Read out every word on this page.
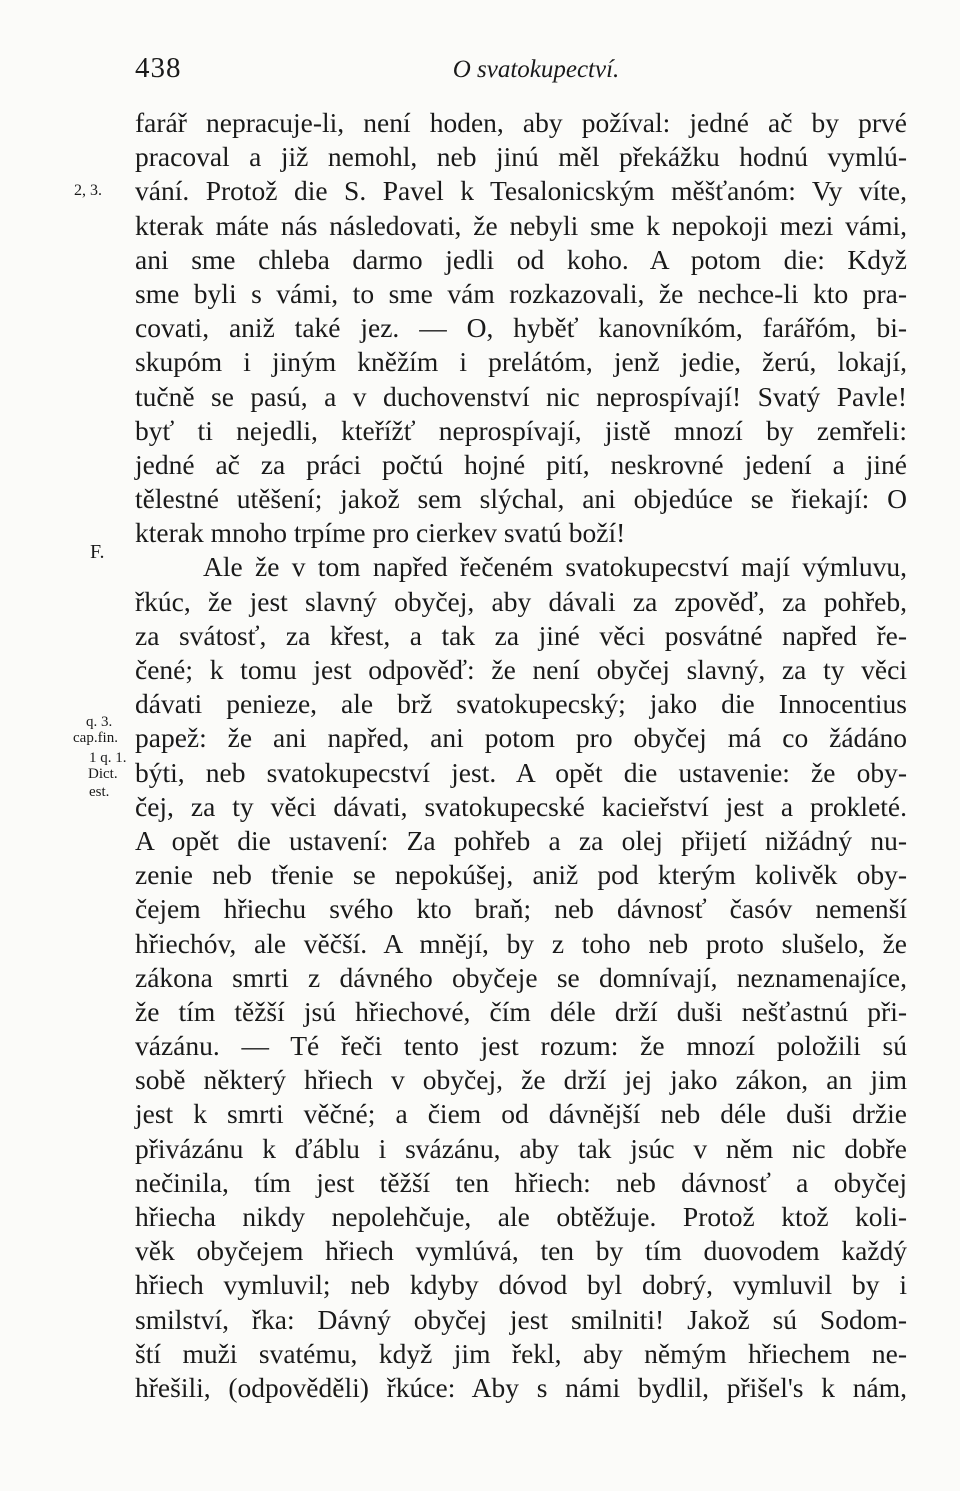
438	O svatokupectví.
2, 3.
F.
q. 3.
cap.fin.
1 q. 1.
Dict.
est.
farář nepracuje-li, není hoden, aby požíval: jedné ač by prvé
pracoval a již nemohl, neb jinú měl překážku hodnú vymlú-
vání. Protož die S. Pavel k Tesalonicským měšťanóm: Vy víte,
kterak máte nás následovati, že nebyli sme k nepokoji mezi vámi,
ani sme chleba darmo jedli od koho. A potom die: Když
sme byli s vámi, to sme vám rozkazovali, že nechce-li kto pra-
covati, aniž také jez. — O, hyběť kanovníkóm, farářóm, bi-
skupóm i jiným kněžím i prelátóm, jenž jedie, žerú, lokají,
tučně se pasú, a v duchovenství nic neprospívají! Svatý Pavle!
byť ti nejedli, kteřížť neprospívají, jistě mnozí by zemřeli:
jedné ač za práci počtú hojné pití, neskrovné jedení a jiné
tělestné utěšení; jakož sem slýchal, ani objedúce se řiekají: O
kterak mnoho trpíme pro cierkev svatú boží!
Ale že v tom napřed řečeném svatokupecství mají výmluvu,
řkúc, že jest slavný obyčej, aby dávali za zpověď, za pohřeb,
za svátosť, za křest, a tak za jiné věci posvátné napřed ře-
čené; k tomu jest odpověď: že není obyčej slavný, za ty věci
dávati penieze, ale brž svatokupecský; jako die Innocentius
papež: že ani napřed, ani potom pro obyčej má co žádáno
býti, neb svatokupecství jest. A opět die ustavenie: že oby-
čej, za ty věci dávati, svatokupecské kacieřství jest a prokleté.
A opět die ustavení: Za pohřeb a za olej přijetí nižádný nu-
zenie neb třenie se nepokúšej, aniž pod kterým kolivěk oby-
čejem hřiechu svého kto braň; neb dávnosť časóv nemenší
hřiechóv, ale věčší. A mnějí, by z toho neb proto slušelo, že
zákona smrti z dávného obyčeje se domnívají, neznamenajíce,
že tím těžší jsú hřiechové, čím déle drží duši nešťastnú při-
vázánu. — Té řeči tento jest rozum: že mnozí položili sú
sobě některý hřiech v obyčej, že drží jej jako zákon, an jim
jest k smrti věčné; a čiem od dávnější neb déle duši držie
přivázánu k ďáblu i svázánu, aby tak jsúc v něm nic dobře
nečinila, tím jest těžší ten hřiech: neb dávnosť a obyčej
hřiecha nikdy nepolehčuje, ale obtěžuje. Protož ktož koli-
věk obyčejem hřiech vymlúvá, ten by tím duovodem každý
hřiech vymluvil; neb kdyby dóvod byl dobrý, vymluvil by i
smilství, řka: Dávný obyčej jest smilniti! Jakož sú Sodom-
ští muži svatému, když jim řekl, aby němým hřiechem ne-
hřešili, (odpověděli) řkúce: Aby s námi bydlil, přišel's k nám,
